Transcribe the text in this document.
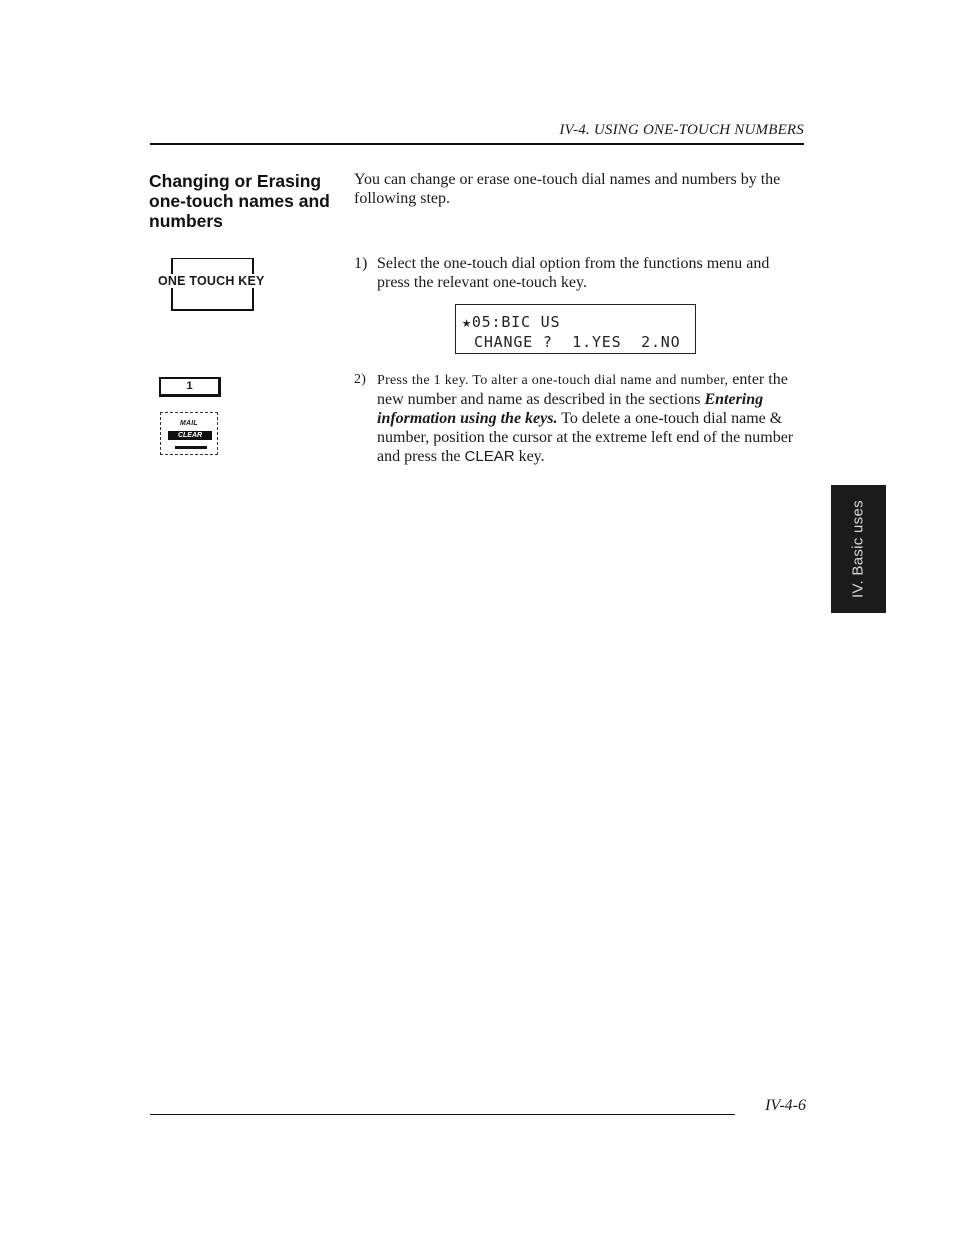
IV-4. USING ONE-TOUCH NUMBERS
Changing or Erasing
one-touch names and
numbers
You can change or erase one-touch dial names and numbers by the following step.
1) Select the one-touch dial option from the functions menu and press the relevant one-touch key.
★05:BIC US
CHANGE ?  1.YES  2.NO
2) Press the 1 key. To alter a one-touch dial name and number, enter the new number and name as described in the sections Entering information using the keys. To delete a one-touch dial name & number, position the cursor at the extreme left end of the number and press the CLEAR key.
ONE TOUCH KEY
1
MAIL
CLEAR
IV. Basic uses
IV-4-6
